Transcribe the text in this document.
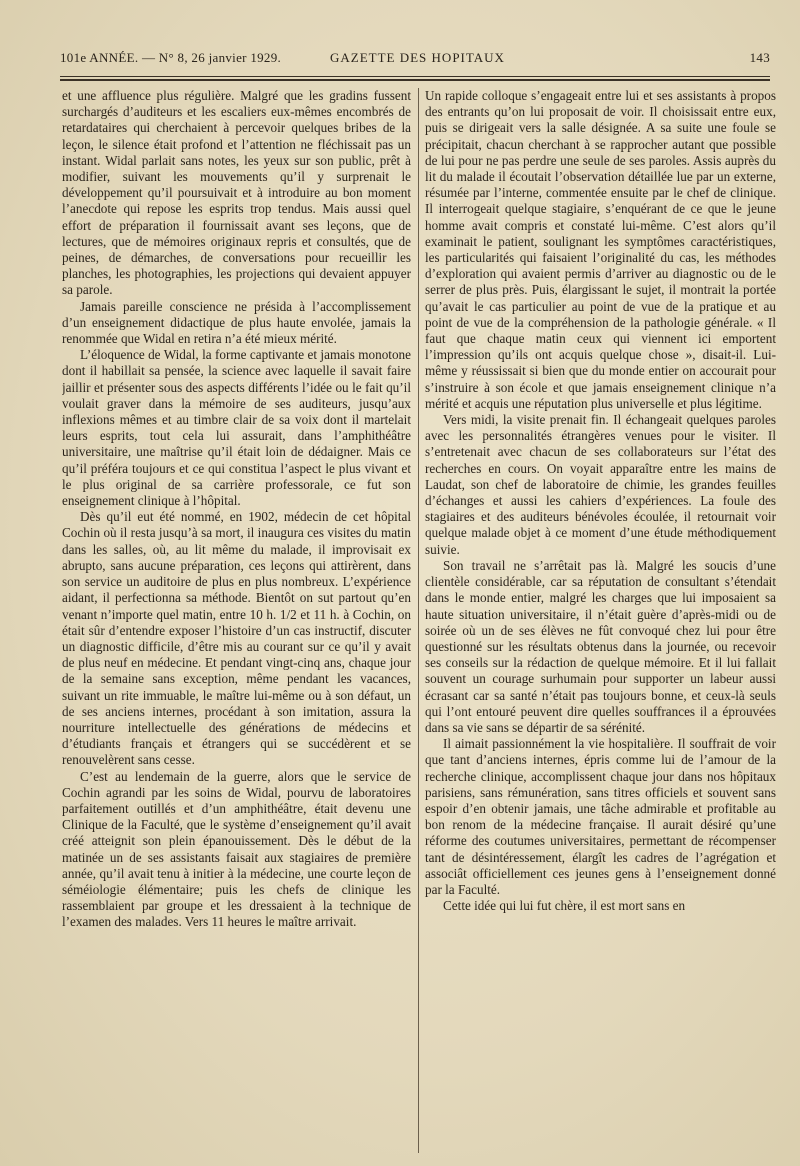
101e ANNÉE. — N° 8, 26 janvier 1929.	GAZETTE DES HOPITAUX	143

et une affluence plus régulière. Malgré que les gradins fussent surchargés d’auditeurs et les escaliers eux-mêmes encombrés de retardataires qui cherchaient à percevoir quelques bribes de la leçon, le silence était profond et l’attention ne fléchissait pas un instant. Widal parlait sans notes, les yeux sur son public, prêt à modifier, suivant les mouvements qu’il y surprenait le développement qu’il poursuivait et à introduire au bon moment l’anecdote qui repose les esprits trop tendus. Mais aussi quel effort de préparation il fournissait avant ses leçons, que de lectures, que de mémoires originaux repris et consultés, que de peines, de démarches, de conversations pour recueillir les planches, les photographies, les projections qui devaient appuyer sa parole.

Jamais pareille conscience ne présida à l’accomplissement d’un enseignement didactique de plus haute envolée, jamais la renommée que Widal en retira n’a été mieux mérité.

L’éloquence de Widal, la forme captivante et jamais monotone dont il habillait sa pensée, la science avec laquelle il savait faire jaillir et présenter sous des aspects différents l’idée ou le fait qu’il voulait graver dans la mémoire de ses auditeurs, jusqu’aux inflexions mêmes et au timbre clair de sa voix dont il martelait leurs esprits, tout cela lui assurait, dans l’amphithéâtre universitaire, une maîtrise qu’il était loin de dédaigner. Mais ce qu’il préféra toujours et ce qui constitua l’aspect le plus vivant et le plus original de sa carrière professorale, ce fut son enseignement clinique à l’hôpital.

Dès qu’il eut été nommé, en 1902, médecin de cet hôpital Cochin où il resta jusqu’à sa mort, il inaugura ces visites du matin dans les salles, où, au lit même du malade, il improvisait ex abrupto, sans aucune préparation, ces leçons qui attirèrent, dans son service un auditoire de plus en plus nombreux. L’expérience aidant, il perfectionna sa méthode. Bientôt on sut partout qu’en venant n’importe quel matin, entre 10 h. 1/2 et 11 h. à Cochin, on était sûr d’entendre exposer l’histoire d’un cas instructif, discuter un diagnostic difficile, d’être mis au courant sur ce qu’il y avait de plus neuf en médecine. Et pendant vingt-cinq ans, chaque jour de la semaine sans exception, même pendant les vacances, suivant un rite immuable, le maître lui-même ou à son défaut, un de ses anciens internes, procédant à son imitation, assura la nourriture intellectuelle des générations de médecins et d’étudiants français et étrangers qui se succédèrent et se renouvelèrent sans cesse.

C’est au lendemain de la guerre, alors que le service de Cochin agrandi par les soins de Widal, pourvu de laboratoires parfaitement outillés et d’un amphithéâtre, était devenu une Clinique de la Faculté, que le système d’enseignement qu’il avait créé atteignit son plein épanouissement. Dès le début de la matinée un de ses assistants faisait aux stagiaires de première année, qu’il avait tenu à initier à la médecine, une courte leçon de séméiologie élémentaire; puis les chefs de clinique les rassemblaient par groupe et les dressaient à la technique de l’examen des malades. Vers 11 heures le maître arrivait.

Un rapide colloque s’engageait entre lui et ses assistants à propos des entrants qu’on lui proposait de voir. Il choisissait entre eux, puis se dirigeait vers la salle désignée. A sa suite une foule se précipitait, chacun cherchant à se rapprocher autant que possible de lui pour ne pas perdre une seule de ses paroles. Assis auprès du lit du malade il écoutait l’observation détaillée lue par un externe, résumée par l’interne, commentée ensuite par le chef de clinique. Il interrogeait quelque stagiaire, s’enquérant de ce que le jeune homme avait compris et constaté lui-même. C’est alors qu’il examinait le patient, soulignant les symptômes caractéristiques, les particularités qui faisaient l’originalité du cas, les méthodes d’exploration qui avaient permis d’arriver au diagnostic ou de le serrer de plus près. Puis, élargissant le sujet, il montrait la portée qu’avait le cas particulier au point de vue de la pratique et au point de vue de la compréhension de la pathologie générale. « Il faut que chaque matin ceux qui viennent ici emportent l’impression qu’ils ont acquis quelque chose », disait-il. Lui-même y réussissait si bien que du monde entier on accourait pour s’instruire à son école et que jamais enseignement clinique n’a mérité et acquis une réputation plus universelle et plus légitime.

Vers midi, la visite prenait fin. Il échangeait quelques paroles avec les personnalités étrangères venues pour le visiter. Il s’entretenait avec chacun de ses collaborateurs sur l’état des recherches en cours. On voyait apparaître entre les mains de Laudat, son chef de laboratoire de chimie, les grandes feuilles d’échanges et aussi les cahiers d’expériences. La foule des stagiaires et des auditeurs bénévoles écoulée, il retournait voir quelque malade objet à ce moment d’une étude méthodiquement suivie.

Son travail ne s’arrêtait pas là. Malgré les soucis d’une clientèle considérable, car sa réputation de consultant s’étendait dans le monde entier, malgré les charges que lui imposaient sa haute situation universitaire, il n’était guère d’après-midi ou de soirée où un de ses élèves ne fût convoqué chez lui pour être questionné sur les résultats obtenus dans la journée, ou recevoir ses conseils sur la rédaction de quelque mémoire. Et il lui fallait souvent un courage surhumain pour supporter un labeur aussi écrasant car sa santé n’était pas toujours bonne, et ceux-là seuls qui l’ont entouré peuvent dire quelles souffrances il a éprouvées dans sa vie sans se départir de sa sérénité.

Il aimait passionnément la vie hospitalière. Il souffrait de voir que tant d’anciens internes, épris comme lui de l’amour de la recherche clinique, accomplissent chaque jour dans nos hôpitaux parisiens, sans rémunération, sans titres officiels et souvent sans espoir d’en obtenir jamais, une tâche admirable et profitable au bon renom de la médecine française. Il aurait désiré qu’une réforme des coutumes universitaires, permettant de récompenser tant de désintéressement, élargît les cadres de l’agrégation et associât officiellement ces jeunes gens à l’enseignement donné par la Faculté.

Cette idée qui lui fut chère, il est mort sans en
